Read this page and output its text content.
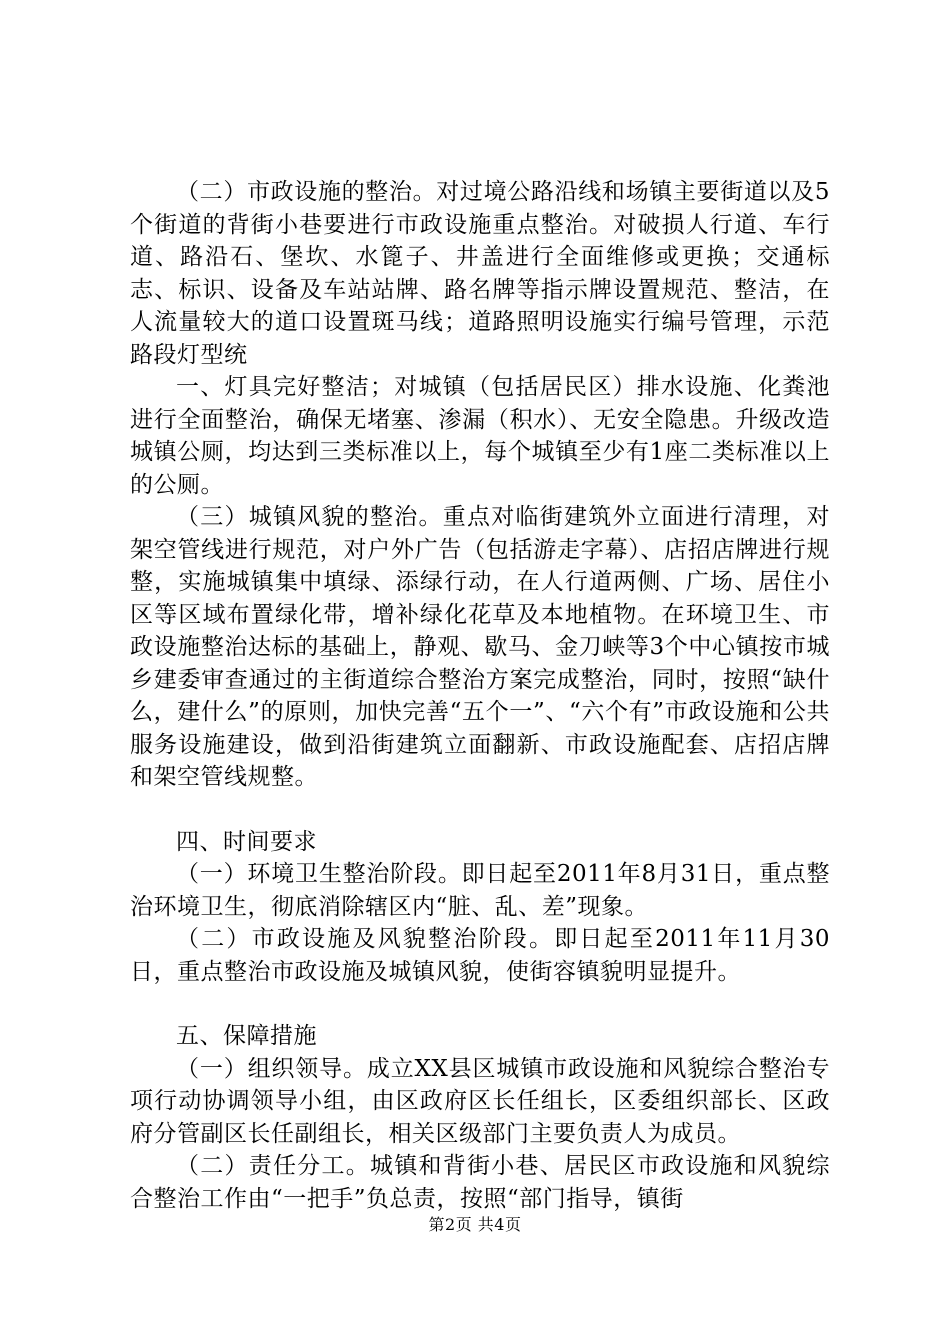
（二）市政设施的整治。对过境公路沿线和场镇主要街道以及5个街道的背街小巷要进行市政设施重点整治。对破损人行道、车行道、路沿石、堡坎、水篦子、井盖进行全面维修或更换；交通标志、标识、设备及车站站牌、路名牌等指示牌设置规范、整洁，在人流量较大的道口设置斑马线；道路照明设施实行编号管理，示范路段灯型统

一、灯具完好整洁；对城镇（包括居民区）排水设施、化粪池进行全面整治，确保无堵塞、渗漏（积水）、无安全隐患。升级改造城镇公厕，均达到三类标准以上，每个城镇至少有1座二类标准以上的公厕。

（三）城镇风貌的整治。重点对临街建筑外立面进行清理，对架空管线进行规范，对户外广告（包括游走字幕）、店招店牌进行规整，实施城镇集中填绿、添绿行动，在人行道两侧、广场、居住小区等区域布置绿化带，增补绿化花草及本地植物。在环境卫生、市政设施整治达标的基础上，静观、歇马、金刀峡等3个中心镇按市城乡建委审查通过的主街道综合整治方案完成整治，同时，按照“缺什么，建什么”的原则，加快完善“五个一”、“六个有”市政设施和公共服务设施建设，做到沿街建筑立面翻新、市政设施配套、店招店牌和架空管线规整。

四、时间要求

（一）环境卫生整治阶段。即日起至2011年8月31日，重点整治环境卫生，彻底消除辖区内“脏、乱、差”现象。

（二）市政设施及风貌整治阶段。即日起至2011年11月30日，重点整治市政设施及城镇风貌，使街容镇貌明显提升。

五、保障措施

（一）组织领导。成立XX县区城镇市政设施和风貌综合整治专项行动协调领导小组，由区政府区长任组长，区委组织部长、区政府分管副区长任副组长，相关区级部门主要负责人为成员。

（二）责任分工。城镇和背街小巷、居民区市政设施和风貌综合整治工作由“一把手”负总责，按照“部门指导，镇街

第2页 共4页
